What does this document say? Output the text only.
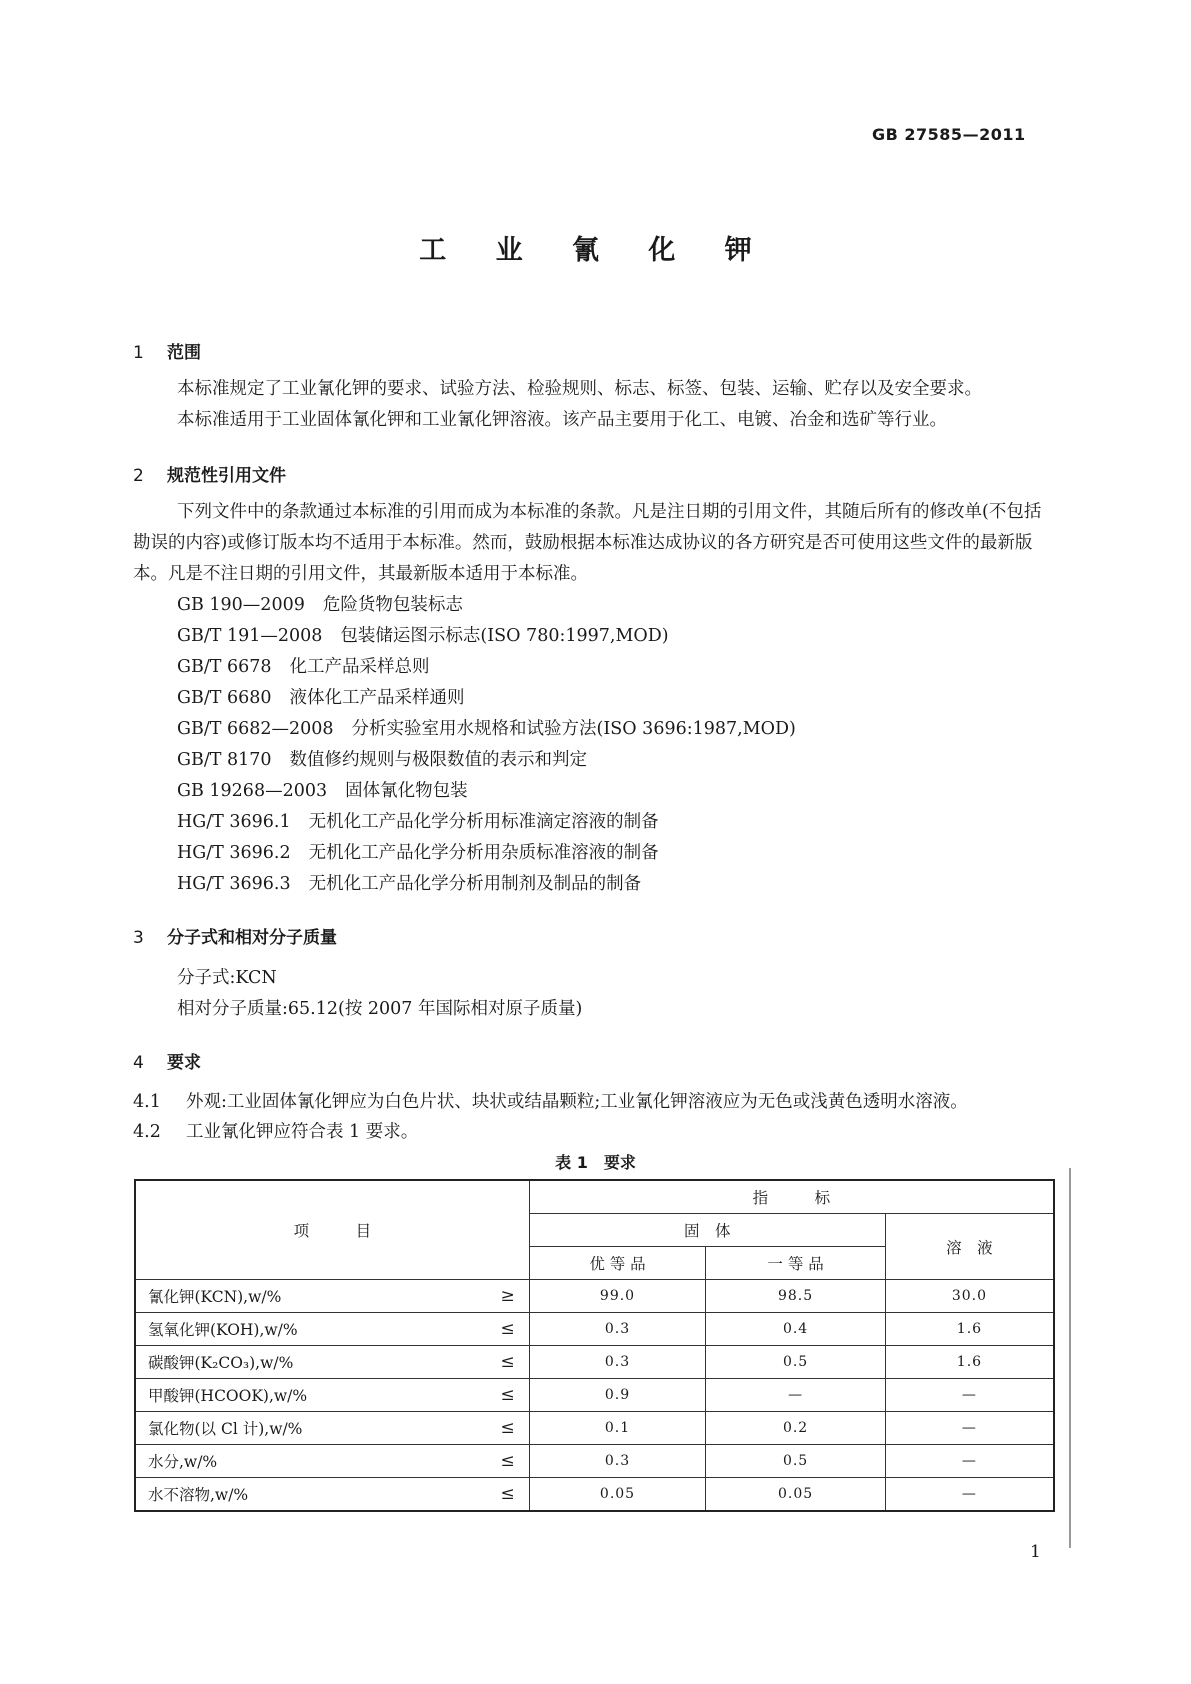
GB 27585—2011
工 业 氰 化 钾
1 范围
本标准规定了工业氰化钾的要求、试验方法、检验规则、标志、标签、包装、运输、贮存以及安全要求。
本标准适用于工业固体氰化钾和工业氰化钾溶液。该产品主要用于化工、电镀、冶金和选矿等行业。
2 规范性引用文件
下列文件中的条款通过本标准的引用而成为本标准的条款。凡是注日期的引用文件，其随后所有的修改单(不包括勘误的内容)或修订版本均不适用于本标准。然而，鼓励根据本标准达成协议的各方研究是否可使用这些文件的最新版本。凡是不注日期的引用文件，其最新版本适用于本标准。
GB 190—2009 危险货物包装标志
GB/T 191—2008 包装储运图示标志(ISO 780:1997,MOD)
GB/T 6678 化工产品采样总则
GB/T 6680 液体化工产品采样通则
GB/T 6682—2008 分析实验室用水规格和试验方法(ISO 3696:1987,MOD)
GB/T 8170 数值修约规则与极限数值的表示和判定
GB 19268—2003 固体氰化物包装
HG/T 3696.1 无机化工产品化学分析用标准滴定溶液的制备
HG/T 3696.2 无机化工产品化学分析用杂质标准溶液的制备
HG/T 3696.3 无机化工产品化学分析用制剂及制品的制备
3 分子式和相对分子质量
分子式:KCN
相对分子质量:65.12(按 2007 年国际相对原子质量)
4 要求
4.1 外观:工业固体氰化钾应为白色片状、块状或结晶颗粒;工业氰化钾溶液应为无色或浅黄色透明水溶液。
4.2 工业氰化钾应符合表 1 要求。
表 1　要求
项　　　目	指　　　标		
	固　体		溶　液
	优 等 品	一 等 品	
氰化钾(KCN),w/% ≥	99.0	98.5	30.0
氢氧化钾(KOH),w/% ≤	0.3	0.4	1.6
碳酸钾(K₂CO₃),w/% ≤	0.3	0.5	1.6
甲酸钾(HCOOK),w/% ≤	0.9	—	—
氯化物(以 Cl 计),w/% ≤	0.1	0.2	—
水分,w/% ≤	0.3	0.5	—
水不溶物,w/% ≤	0.05	0.05	—
1
